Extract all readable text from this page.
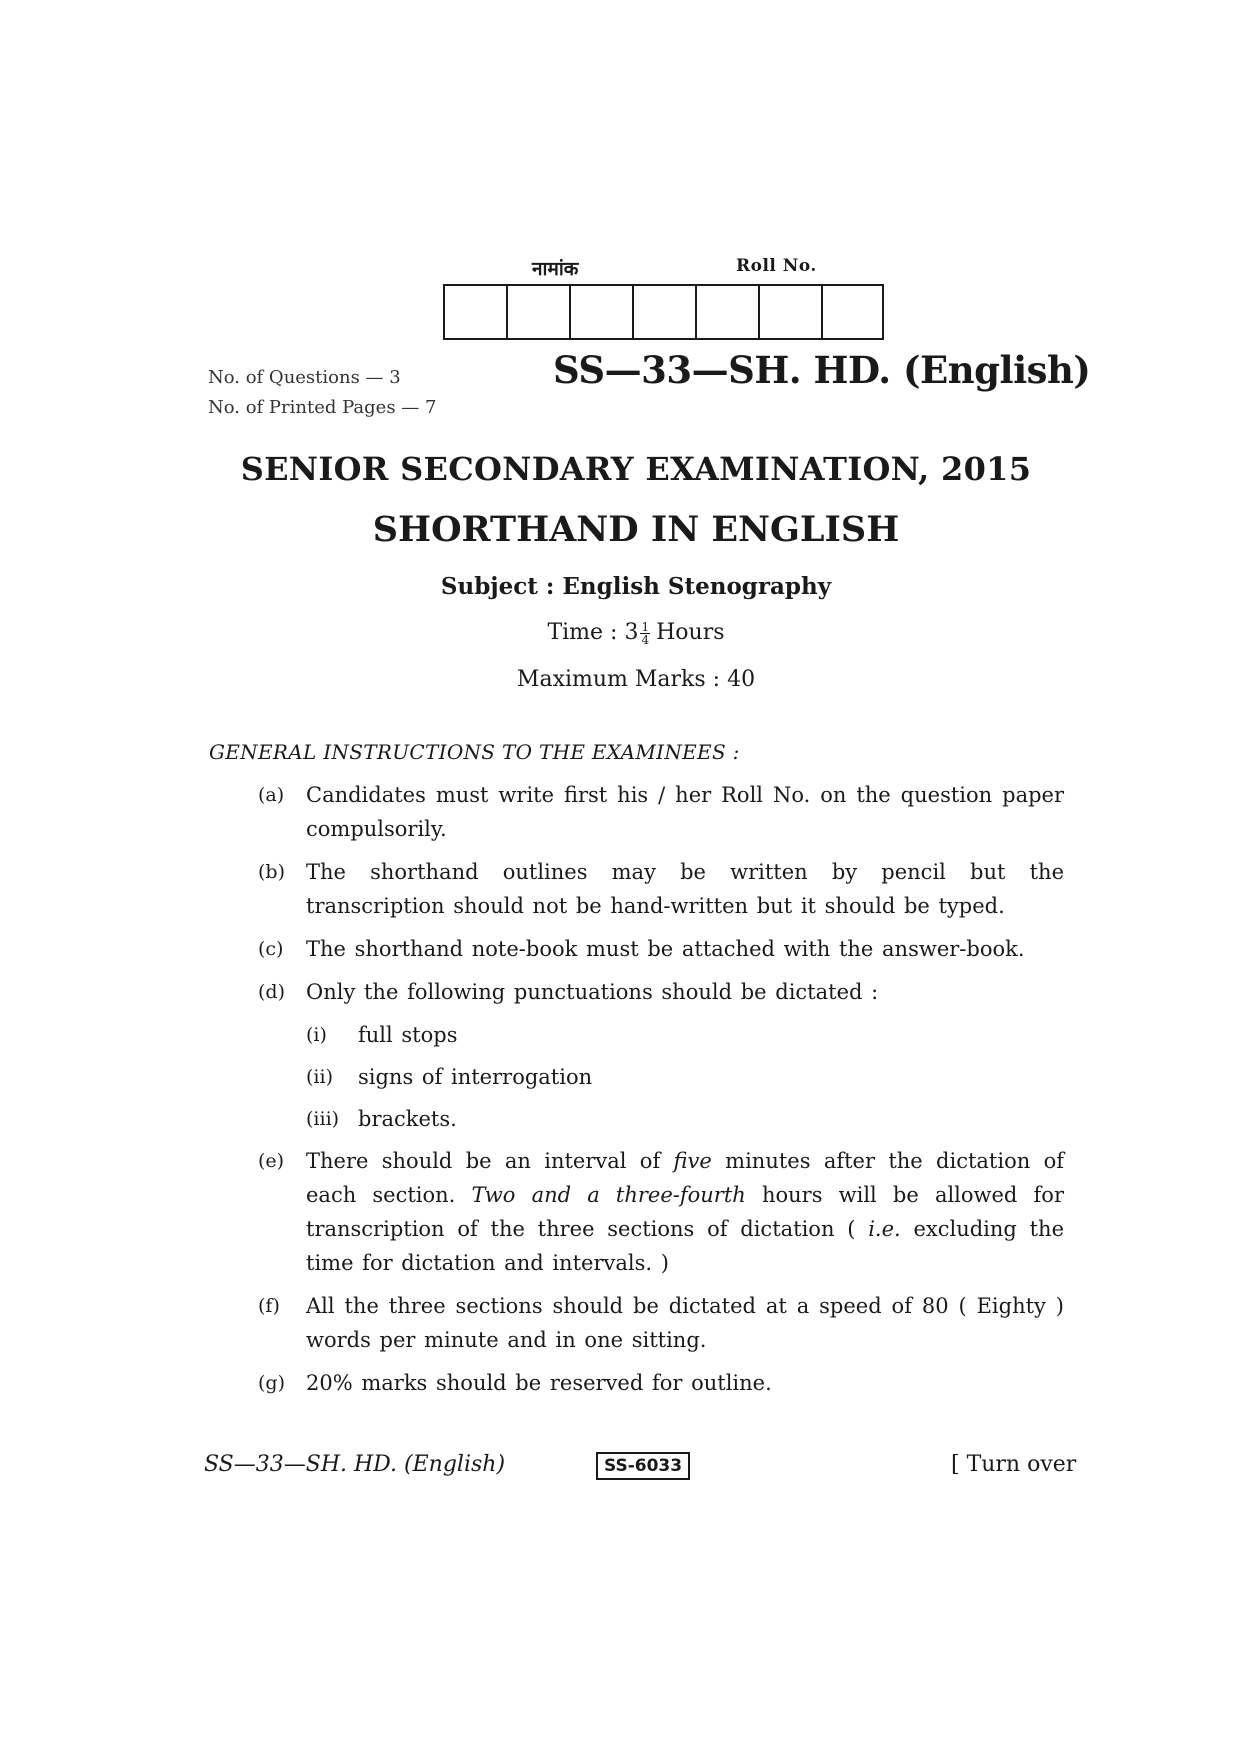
नामांक	Roll No.
No. of Questions — 3
No. of Printed Pages — 7
SS—33—SH. HD. (English)
SENIOR SECONDARY EXAMINATION, 2015
SHORTHAND IN ENGLISH
Subject : English Stenography
Time : $3 \frac{1}{4}$ Hours
Maximum Marks : 40
GENERAL INSTRUCTIONS TO THE EXAMINEES :
(a)	Candidates must write first his / her Roll No. on the question paper compulsorily.
(b)	The shorthand outlines may be written by pencil but the transcription should not be hand-written but it should be typed.
(c)	The shorthand note-book must be attached with the answer-book.
(d)	Only the following punctuations should be dictated :
(i)	full stops
(ii)	signs of interrogation
(iii) brackets.
(e)	There should be an interval of five minutes after the dictation of each section. Two and a three-fourth hours will be allowed for transcription of the three sections of dictation ( i.e. excluding the time for dictation and intervals. )
(f)	All the three sections should be dictated at a speed of 80 ( Eighty ) words per minute and in one sitting.
(g)	20% marks should be reserved for outline.
SS—33—SH. HD. (English)	SS-6033	[ Turn over
